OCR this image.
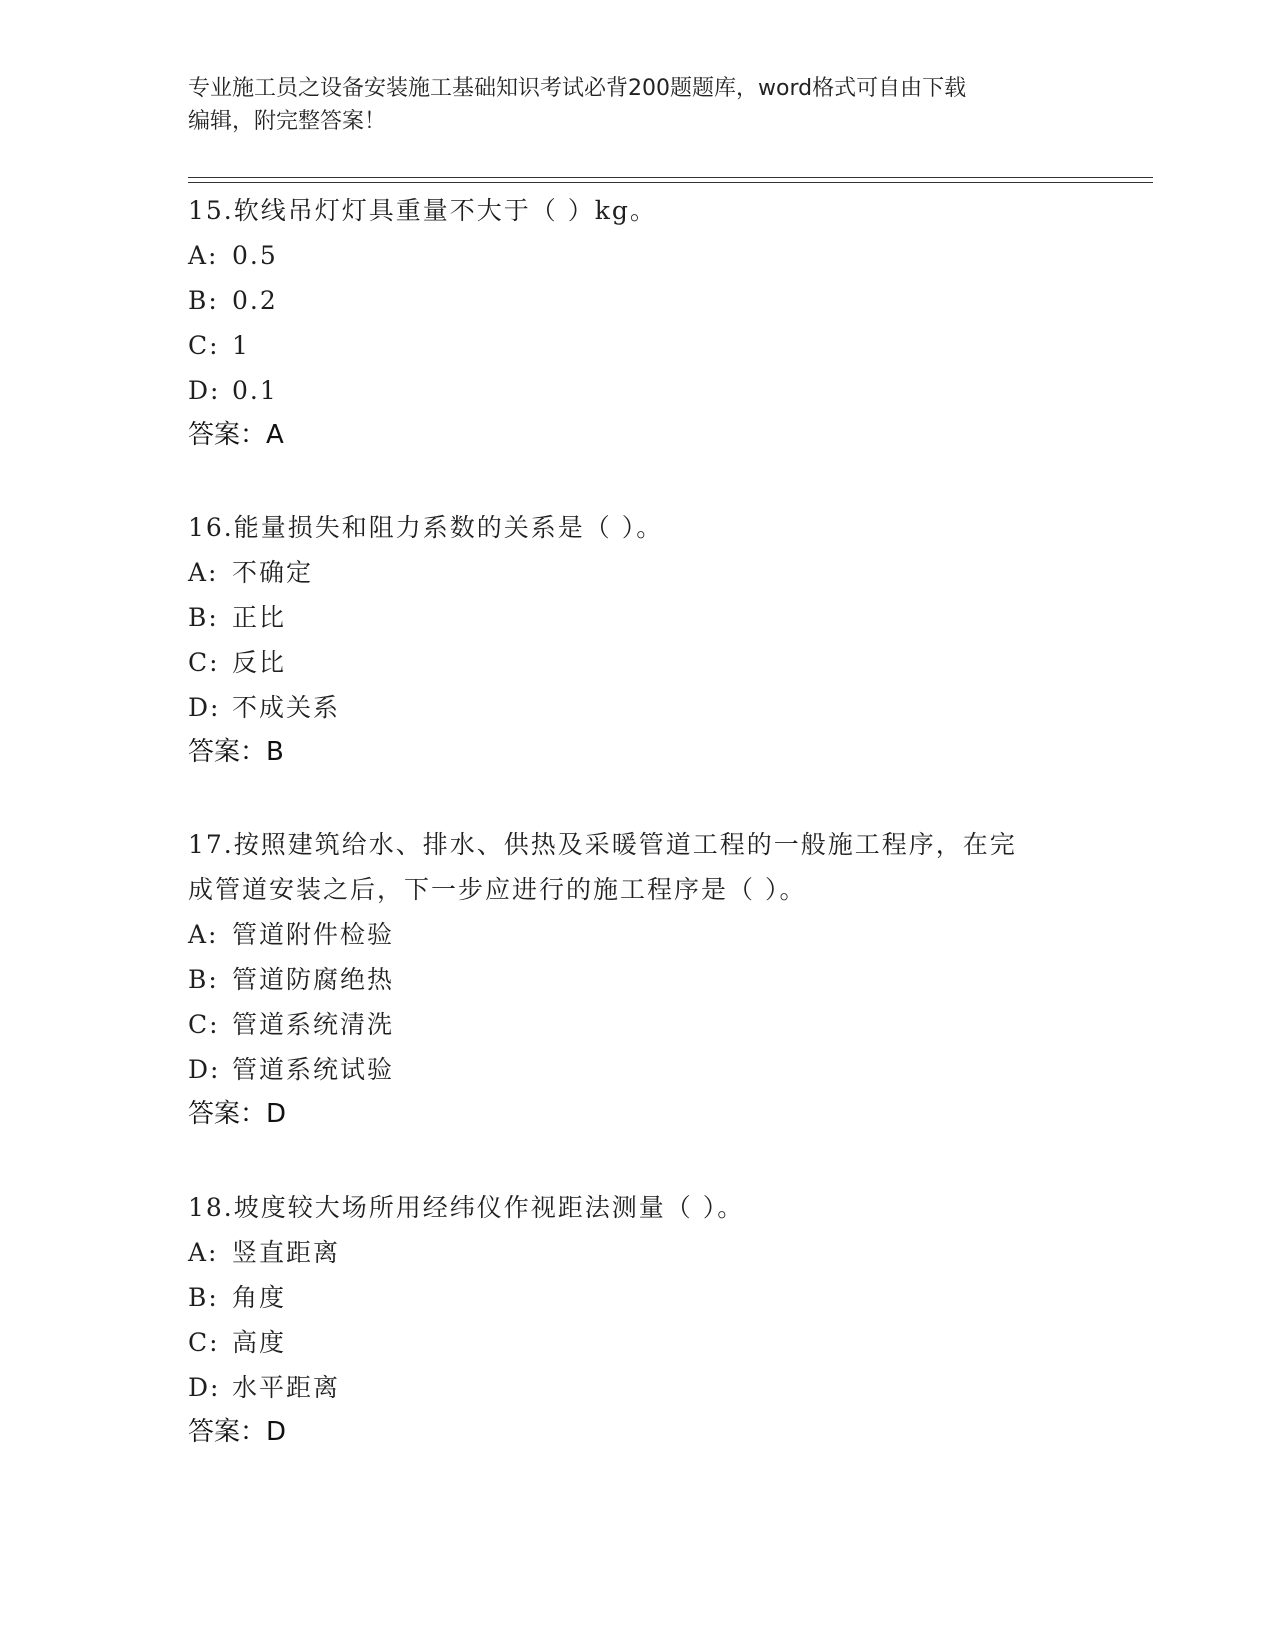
专业施工员之设备安装施工基础知识考试必背200题题库，word格式可自由下载
编辑，附完整答案！
15.软线吊灯灯具重量不大于（ ）kg。
A: 0.5
B: 0.2
C: 1
D: 0.1
答案：A
16.能量损失和阻力系数的关系是（ ）。
A: 不确定
B: 正比
C: 反比
D: 不成关系
答案：B
17.按照建筑给水、排水、供热及采暖管道工程的一般施工程序，在完
成管道安装之后，下一步应进行的施工程序是（ ）。
A: 管道附件检验
B: 管道防腐绝热
C: 管道系统清洗
D: 管道系统试验
答案：D
18.坡度较大场所用经纬仪作视距法测量（ ）。
A: 竖直距离
B: 角度
C: 高度
D: 水平距离
答案：D
